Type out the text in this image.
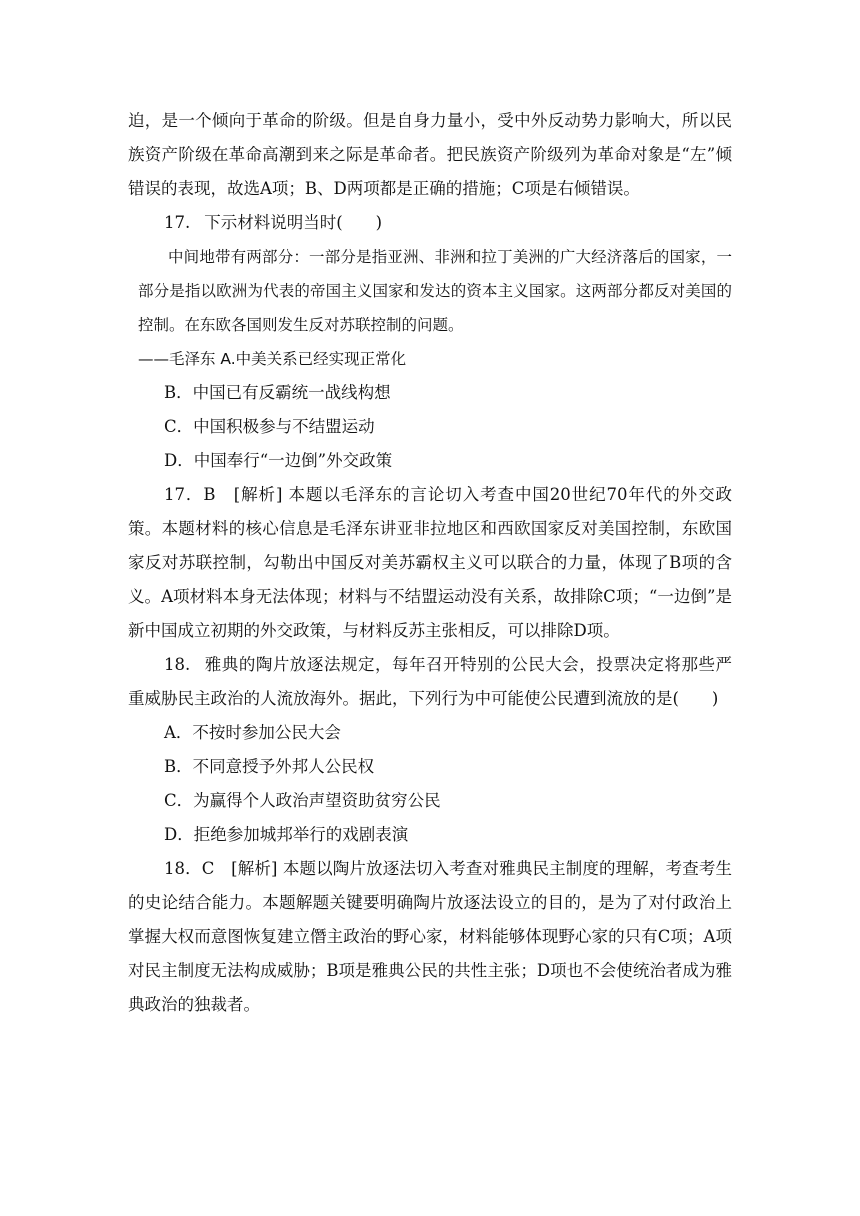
迫，是一个倾向于革命的阶级。但是自身力量小，受中外反动势力影响大，所以民族资产阶级在革命高潮到来之际是革命者。把民族资产阶级列为革命对象是“左”倾错误的表现，故选A项；B、D两项都是正确的措施；C项是右倾错误。

17. 下示材料说明当时(　　)

中间地带有两部分：一部分是指亚洲、非洲和拉丁美洲的广大经济落后的国家，一部分是指以欧洲为代表的帝国主义国家和发达的资本主义国家。这两部分都反对美国的控制。在东欧各国则发生反对苏联控制的问题。

——毛泽东 A.中美关系已经实现正常化

B．中国已有反霸统一战线构想

C．中国积极参与不结盟运动

D．中国奉行“一边倒”外交政策

17．B　[解析] 本题以毛泽东的言论切入考查中国20世纪70年代的外交政策。本题材料的核心信息是毛泽东讲亚非拉地区和西欧国家反对美国控制，东欧国家反对苏联控制，勾勒出中国反对美苏霸权主义可以联合的力量，体现了B项的含义。A项材料本身无法体现；材料与不结盟运动没有关系，故排除C项；“一边倒”是新中国成立初期的外交政策，与材料反苏主张相反，可以排除D项。

18. 雅典的陶片放逐法规定，每年召开特别的公民大会，投票决定将那些严重威胁民主政治的人流放海外。据此，下列行为中可能使公民遭到流放的是(　　)

A．不按时参加公民大会

B．不同意授予外邦人公民权

C．为赢得个人政治声望资助贫穷公民

D．拒绝参加城邦举行的戏剧表演

18．C　[解析] 本题以陶片放逐法切入考查对雅典民主制度的理解，考查考生的史论结合能力。本题解题关键要明确陶片放逐法设立的目的，是为了对付政治上掌握大权而意图恢复建立僭主政治的野心家，材料能够体现野心家的只有C项；A项对民主制度无法构成威胁；B项是雅典公民的共性主张；D项也不会使统治者成为雅典政治的独裁者。
